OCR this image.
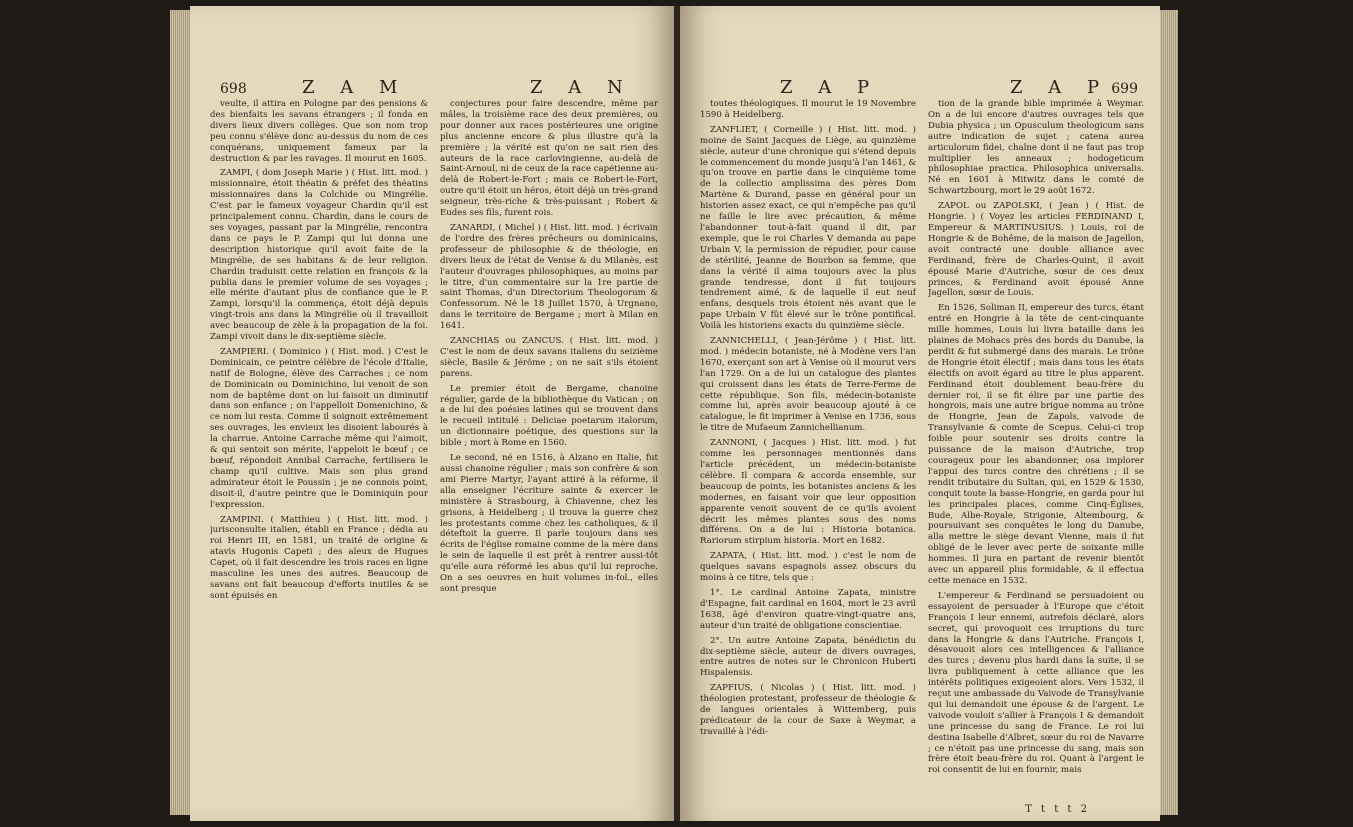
698	Z A M	Z A N

veulte, il attira en Pologne par des pensions & des bienfaits les savans étrangers ; il fonda en divers lieux divers collèges. Que son nom trop peu connu s'élève donc au-dessus du nom de ces conquérans, uniquement fameux par la destruction & par les ravages. Il mourut en 1605.

ZAMPI, ( dom Joseph Marie ) ( Hist. litt. mod. ) missionnaire, étoit théatin & préfet des théatins missionnaires dans la Colchide ou Mingrélie. C'est par le fameux voyageur Chardin qu'il est principalement connu. Chardin, dans le cours de ses voyages, passant par la Mingrélie, rencontra dans ce pays le P. Zampi qui lui donna une description historique qu'il avoit faite de la Mingrélie, de ses habitans & de leur religion. Chardin traduisit cette relation en françois & la publia dans le premier volume de ses voyages ; elle mérite d'autant plus de confiance que le P. Zampi, lorsqu'il la commença, étoit déjà depuis vingt-trois ans dans la Mingrélie où il travailloit avec beaucoup de zèle à la propagation de la foi. Zampi vivoit dans le dix-septième siècle.

ZAMPIERI. ( Dominico ) ( Hist. mod. ) C'est le Dominicain, ce peintre célèbre de l'école d'Italie, natif de Bologne, élève des Carraches ; ce nom de Dominicain ou Dominichino, lui venoit de son nom de baptême dont on lui faisoit un diminutif dans son enfance ; on l'appelloit Domenichino, & ce nom lui resta. Comme il soignoit extrêmement ses ouvrages, les envieux les disoient labourés à la charrue. Antoine Carrache même qui l'aimoit, & qui sentoit son mérite, l'appeloit le bœuf ; ce bœuf, répondoit Annibal Carrache, fertilisera le champ qu'il cultive. Mais son plus grand admirateur étoit le Poussin ; je ne connois point, disoit-il, d'autre peintre que le Dominiquin pour l'expression.

ZAMPINI. ( Matthieu ) ( Hist. litt. mod. ) jurisconsulte italien, établi en France ; dédia au roi Henri III, en 1581, un traité de origine & atavis Hugonis Capeti ; des aïeux de Hugues Capet, où il fait descendre les trois races en ligne masculine les unes des autres. Beaucoup de savans ont fait beaucoup d'efforts inutiles & se sont épuisés en

conjectures pour faire descendre, même par mâles, la troisième race des deux premières, ou pour donner aux races postérieures une origine plus ancienne encore & plus illustre qu'à la première ; la vérité est qu'on ne sait rien des auteurs de la race carlovingienne, au-delà de Saint-Arnoul, ni de ceux de la race capétienne au-delà de Robert-le-Fort ; mais ce Robert-le-Fort, outre qu'il étoit un héros, étoit déjà un très-grand seigneur, très-riche & très-puissant ; Robert & Eudes ses fils, furent rois.

ZANARDI, ( Michel ) ( Hist. litt. mod. ) écrivain de l'ordre des frères prêcheurs ou dominicains, professeur de philosophie & de théologie, en divers lieux de l'état de Venise & du Milanès, est l'auteur d'ouvrages philosophiques, au moins par le titre, d'un commentaire sur la 1re partie de saint Thomas, d'un Directorium Theologorum & Confessorum. Né le 18 Juillet 1570, à Urgnano, dans le territoire de Bergame ; mort à Milan en 1641.

ZANCHIAS ou ZANCUS. ( Hist. litt. mod. ) C'est le nom de deux savans italiens du seizième siècle, Basile & Jérôme ; on ne sait s'ils étoient parens.

Le premier étoit de Bergame, chanoine régulier, garde de la bibliothèque du Vatican ; on a de lui des poésies latines qui se trouvent dans le recueil intitulé : Deliciae poetarum italorum, un dictionnaire poétique, des questions sur la bible ; mort à Rome en 1560.

Le second, né en 1516, à Alzano en Italie, fut aussi chanoine régulier ; mais son confrère & son ami Pierre Martyr, l'ayant attiré à la réforme, il alla enseigner l'écriture sainte & exercer le ministère à Strasbourg, à Chiavenne, chez les grisons, à Heidelberg ; il trouva la guerre chez les protestants comme chez les catholiques, & il déteftoit la guerre. Il parle toujours dans ses écrits de l'église romaine comme de la mère dans le sein de laquelle il est prêt à rentrer aussi-tôt qu'elle aura réformé les abus qu'il lui reproche. On a ses oeuvres en huit volumes in-fol., elles sont presque

Z A P	Z A P 699

toutes théologiques. Il mourut le 19 Novembre 1590 à Heidelberg.

ZANFLIET, ( Corneille ) ( Hist. litt. mod. ) moine de Saint Jacques de Liège, au quinzième siècle, auteur d'une chronique qui s'étend depuis le commencement du monde jusqu'à l'an 1461, & qu'on trouve en partie dans le cinquième tome de la collectio amplissima des pères Dom Martène & Durand, passe en général pour un historien assez exact, ce qui n'empêche pas qu'il ne faille le lire avec précaution, & même l'abandonner tout-à-fait quand il dit, par exemple, que le roi Charles V demanda au pape Urbain V, la permission de répudier, pour cause de stérilité, Jeanne de Bourbon sa femme, que dans la vérité il aima toujours avec la plus grande tendresse, dont il fut toujours tendrement aimé, & de laquelle il eut neuf enfans, desquels trois étoient nés avant que le pape Urbain V fût élevé sur le trône pontifical. Voilà les historiens exacts du quinzième siècle.

ZANNICHELLI, ( Jean-Jérôme ) ( Hist. litt. mod. ) médecin botaniste, né à Modène vers l'an 1670, exerçant son art à Venise où il mourut vers l'an 1729. On a de lui un catalogue des plantes qui croissent dans les états de Terre-Ferme de cette république. Son fils, médecin-botaniste comme lui, après avoir beaucoup ajouté à ce catalogue, le fit imprimer à Venise en 1736, sous le titre de Mufaeum Zannichellianum.

ZANNONI, ( Jacques ) Hist. litt. mod. ) fut comme les personnages mentionnés dans l'article précédent, un médecin-botaniste célèbre. Il compara & accorda ensemble, sur beaucoup de points, les botanistes anciens & les modernes, en faisant voir que leur opposition apparente venoit souvent de ce qu'ils avoient décrit les mêmes plantes sous des noms différens. On a de lui : Historia botanica. Rariorum stirpium historia. Mort en 1682.

ZAPATA, ( Hist. litt. mod. ) c'est le nom de quelques savans espagnols assez obscurs du moins à ce titre, tels que :

1°. Le cardinal Antoine Zapata, ministre d'Espagne, fait cardinal en 1604, mort le 23 avril 1638, âgé d'environ quatre-vingt-quatre ans, auteur d'un traité de obligatione conscientiae.

2°. Un autre Antoine Zapata, bénédictin du dix-septième siècle, auteur de divers ouvrages, entre autres de notes sur le Chronicon Huberti Hispalensis.

ZAPFIUS, ( Nicolas ) ( Hist. litt. mod. ) théologien protestant, professeur de théologie & de langues orientales à Wittemberg, puis prédicateur de la cour de Saxe à Weymar, a travaillé à l'édi-

tion de la grande bible imprimée à Weymar. On a de lui encore d'autres ouvrages tels que Dubia physica ; un Opusculum theologicum sans autre indication de sujet ; catena aurea articulorum fidei, chaîne dont il ne faut pas trop multiplier les anneaux ; hodogeticum philosophiae practica. Philosophica universalis. Né en 1601 à Mitwitz dans le comté de Schwartzbourg, mort le 29 août 1672.

ZAPOL ou ZAPOLSKI, ( Jean ) ( Hist. de Hongrie. ) ( Voyez les articles FERDINAND I, Empereur & MARTINUSIUS. ) Louis, roi de Hongrie & de Bohême, de la maison de Jagellon, avoit contracté une double alliance avec Ferdinand, frère de Charles-Quint, il avoit épousé Marie d'Autriche, sœur de ces deux princes, & Ferdinand avoit épousé Anne Jagellon, sœur de Louis.

En 1526, Soliman II, empereur des turcs, étant entré en Hongrie à la tête de cent-cinquante mille hommes, Louis lui livra bataille dans les plaines de Mohacs près des bords du Danube, la perdit & fut submergé dans des marais. Le trône de Hongrie étoit électif ; mais dans tous les états électifs on avoit égard au titre le plus apparent. Ferdinand étoit doublement beau-frère du dernier roi, il se fit élire par une partie des hongrois, mais une autre brigue nomma au trône de Hongrie, Jean de Zapols, vaivode de Transylvanie & comte de Scepus. Celui-ci trop foible pour soutenir ses droits contre la puissance de la maison d'Autriche, trop courageux pour les abandonner, osa implorer l'appui des turcs contre des chrétiens ; il se rendit tributaire du Sultan, qui, en 1529 & 1530, conquit toute la basse-Hongrie, en garda pour lui les principales places, comme Cinq-Églises, Bude, Albe-Royale, Strigonie, Altembourg, & poursuivant ses conquêtes le long du Danube, alla mettre le siège devant Vienne, mais il fut obligé de le lever avec perte de soixante mille hommes. Il jura en partant de revenir bientôt avec un appareil plus formidable, & il effectua cette menace en 1532.

L'empereur & Ferdinand se persuadoient ou essayoient de persuader à l'Europe que c'étoit François I leur ennemi, autrefois déclaré, alors secret, qui provoquoit ces irruptions du turc dans la Hongrie & dans l'Autriche. François I, désavouoit alors ces intelligences & l'alliance des turcs ; devenu plus hardi dans la suite, il se livra publiquement à cette alliance que les intérêts politiques exigeoient alors. Vers 1532, il reçut une ambassade du Vaivode de Transylvanie qui lui demandoit une épouse & de l'argent. Le vaivode vouloit s'allier à François I & demandoit une princesse du sang de France. Le roi lui destina Isabelle d'Albret, sœur du roi de Navarre ; ce n'étoit pas une princesse du sang, mais son frère étoit beau-frère du roi. Quant à l'argent le roi consentit de lui en fournir, mais

T t t t 2
